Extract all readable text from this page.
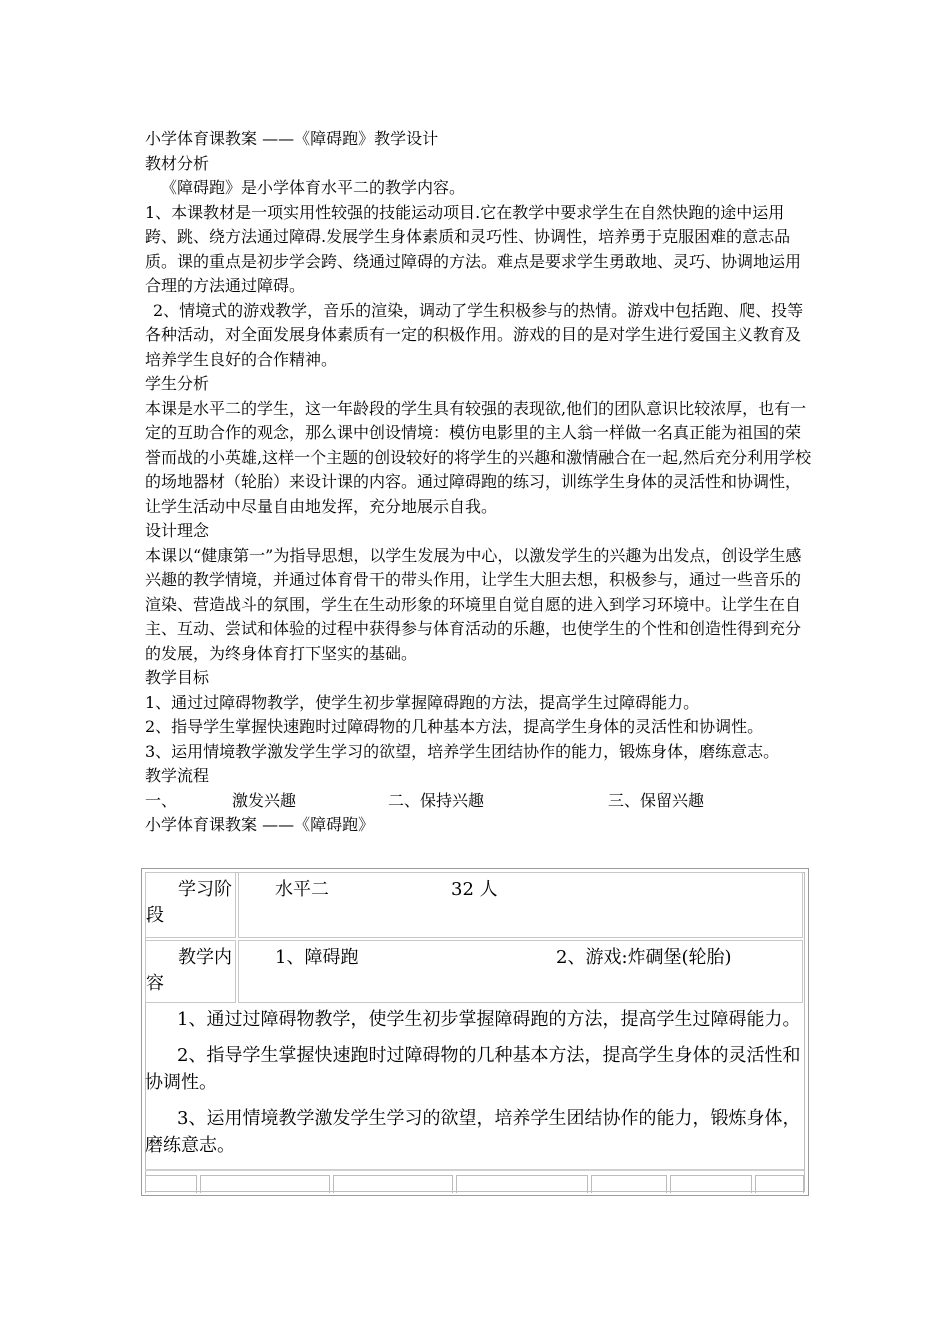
小学体育课教案 ——《障碍跑》教学设计

教材分析

《障碍跑》是小学体育水平二的教学内容。

1、本课教材是一项实用性较强的技能运动项目.它在教学中要求学生在自然快跑的途中运用跨、跳、绕方法通过障碍.发展学生身体素质和灵巧性、协调性，培养勇于克服困难的意志品质。课的重点是初步学会跨、绕通过障碍的方法。难点是要求学生勇敢地、灵巧、协调地运用合理的方法通过障碍。

2、情境式的游戏教学，音乐的渲染，调动了学生积极参与的热情。游戏中包括跑、爬、投等各种活动，对全面发展身体素质有一定的积极作用。游戏的目的是对学生进行爱国主义教育及培养学生良好的合作精神。

学生分析

本课是水平二的学生，这一年龄段的学生具有较强的表现欲,他们的团队意识比较浓厚，也有一定的互助合作的观念，那么课中创设情境：模仿电影里的主人翁一样做一名真正能为祖国的荣誉而战的小英雄,这样一个主题的创设较好的将学生的兴趣和激情融合在一起,然后充分利用学校的场地器材（轮胎）来设计课的内容。通过障碍跑的练习，训练学生身体的灵活性和协调性，让学生活动中尽量自由地发挥，充分地展示自我。

设计理念

本课以“健康第一”为指导思想，以学生发展为中心，以激发学生的兴趣为出发点，创设学生感兴趣的教学情境，并通过体育骨干的带头作用，让学生大胆去想，积极参与，通过一些音乐的渲染、营造战斗的氛围，学生在生动形象的环境里自觉自愿的进入到学习环境中。让学生在自主、互动、尝试和体验的过程中获得参与体育活动的乐趣，也使学生的个性和创造性得到充分的发展，为终身体育打下坚实的基础。

教学目标

1、通过过障碍物教学，使学生初步掌握障碍跑的方法，提高学生过障碍能力。

2、指导学生掌握快速跑时过障碍物的几种基本方法，提高学生身体的灵活性和协调性。

3、运用情境教学激发学生学习的欲望，培养学生团结协作的能力，锻炼身体，磨练意志。

教学流程

一、	激发兴趣	二、保持兴趣	三、保留兴趣

小学体育课教案 ——《障碍跑》

学习阶
段
水平二	32 人
教学内
容
1、障碍跑	2、游戏:炸碉堡(轮胎)

1、通过过障碍物教学，使学生初步掌握障碍跑的方法，提高学生过障碍能力。

2、指导学生掌握快速跑时过障碍物的几种基本方法，提高学生身体的灵活性和协调性。

3、运用情境教学激发学生学习的欲望，培养学生团结协作的能力，锻炼身体，磨练意志。
